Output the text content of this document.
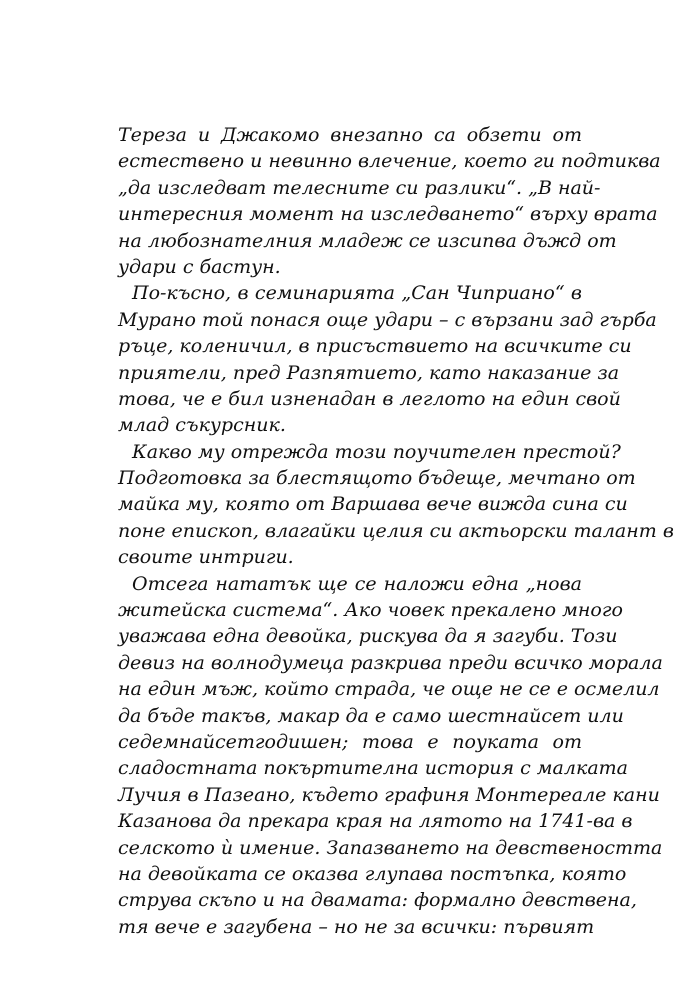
Тереза и Джакомо внезапно са обзети от
естествено и невинно влечение, което ги подтиква
„да изследват телесните си разлики“. „В най-
интересния момент на изследването“ върху врата
на любознателния младеж се изсипва дъжд от
удари с бастун.
По-късно, в семинарията „Сан Чиприано“ в
Мурано той понася още удари – с вързани зад гърба
ръце, коленичил, в присъствието на всичките си
приятели, пред Разпятието, като наказание за
това, че е бил изненадан в леглото на един свой
млад съкурсник.
Какво му отрежда този поучителен престой?
Подготовка за блестящото бъдеще, мечтано от
майка му, която от Варшава вече вижда сина си
поне епископ, влагайки целия си актьорски талант в
своите интриги.
Отсега нататък ще се наложи една „нова
житейска система“. Ако човек прекалено много
уважава една девойка, рискува да я загуби. Този
девиз на волнодумеца разкрива преди всичко морала
на един мъж, който страда, че още не се е осмелил
да бъде такъв, макар да е само шестнайсет или
седемнайсетгодишен; това е поуката от
сладостната покъртителна история с малката
Лучия в Пазеано, където графиня Монтереале кани
Казанова да прекара края на лятото на 1741-ва в
селското ѝ имение. Запазването на девствеността
на девойката се оказва глупава постъпка, която
струва скъпо и на двамата: формално девствена,
тя вече е загубена – но не за всички: първият
